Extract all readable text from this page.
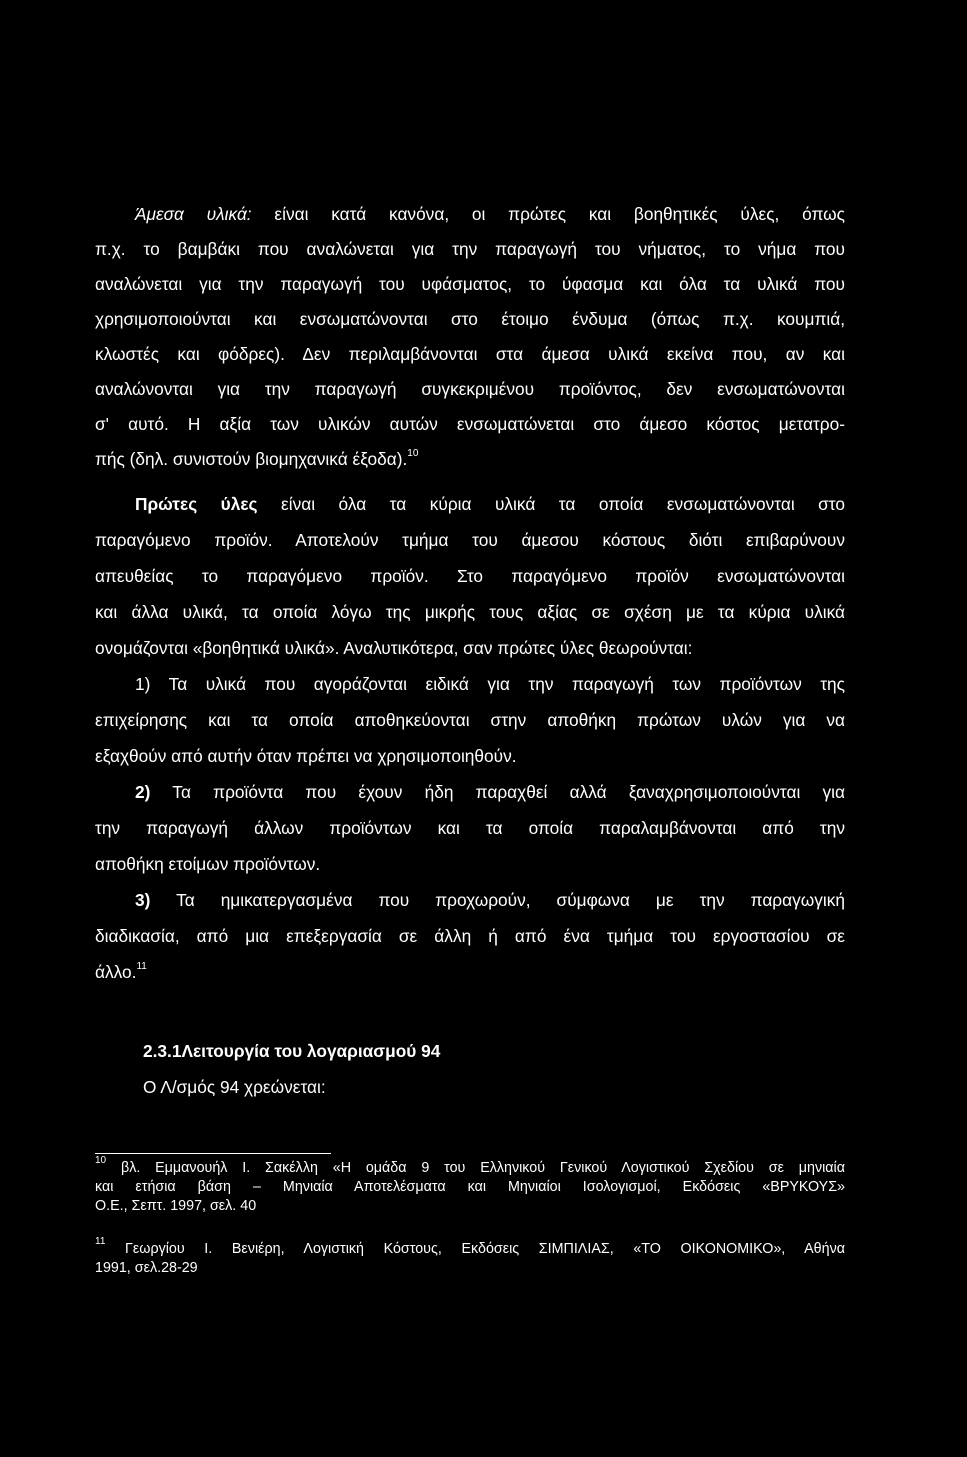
Άμεσα υλικά: είναι κατά κανόνα, οι πρώτες και βοηθητικές ύλες, όπως
π.χ. το βαμβάκι που αναλώνεται για την παραγωγή του νήματος, το νήμα που
αναλώνεται για την παραγωγή του υφάσματος, το ύφασμα και όλα τα υλικά που
χρησιμοποιούνται και ενσωματώνονται στο έτοιμο ένδυμα (όπως π.χ. κουμπιά,
κλωστές και φόδρες). Δεν περιλαμβάνονται στα άμεσα υλικά εκείνα που, αν και
αναλώνονται για την παραγωγή συγκεκριμένου προϊόντος, δεν ενσωματώνονται
σ' αυτό. Η αξία των υλικών αυτών ενσωματώνεται στο άμεσο κόστος μετατρο-
πής (δηλ. συνιστούν βιομηχανικά έξοδα).$^{10}$
Πρώτες ύλες είναι όλα τα κύρια υλικά τα οποία ενσωματώνονται στο
παραγόμενο προϊόν. Αποτελούν τμήμα του άμεσου κόστους διότι επιβαρύνουν
απευθείας το παραγόμενο προϊόν. Στο παραγόμενο προϊόν ενσωματώνονται
και άλλα υλικά, τα οποία λόγω της μικρής τους αξίας σε σχέση με τα κύρια υλικά
ονομάζονται «βοηθητικά υλικά». Αναλυτικότερα, σαν πρώτες ύλες θεωρούνται:
1) Τα υλικά που αγοράζονται ειδικά για την παραγωγή των προϊόντων της
επιχείρησης και τα οποία αποθηκεύονται στην αποθήκη πρώτων υλών για να
εξαχθούν από αυτήν όταν πρέπει να χρησιμοποιηθούν.
2) Τα προϊόντα που έχουν ήδη παραχθεί αλλά ξαναχρησιμοποιούνται για
την παραγωγή άλλων προϊόντων και τα οποία παραλαμβάνονται από την
αποθήκη ετοίμων προϊόντων.
3) Τα ημικατεργασμένα που προχωρούν, σύμφωνα με την παραγωγική
διαδικασία, από μια επεξεργασία σε άλλη ή από ένα τμήμα του εργοστασίου σε
άλλο.$^{11}$
2.3.1Λειτουργία του λογαριασμού 94
Ο Λ/σμός 94 χρεώνεται:
$^{10}$ βλ. Εμμανουήλ Ι. Σακέλλη «Η ομάδα 9 του Ελληνικού Γενικού Λογιστικού Σχεδίου σε μηνιαία
και ετήσια βάση – Μηνιαία Αποτελέσματα και Μηνιαίοι Ισολογισμοί, Εκδόσεις «ΒΡΥΚΟΥΣ»
Ο.Ε., Σεπτ. 1997, σελ. 40
$^{11}$ Γεωργίου Ι. Βενιέρη, Λογιστική Κόστους, Εκδόσεις ΣΙΜΠΙΛΙΑΣ, «ΤΟ ΟΙΚΟΝΟΜΙΚΟ», Αθήνα
1991, σελ.28-29
